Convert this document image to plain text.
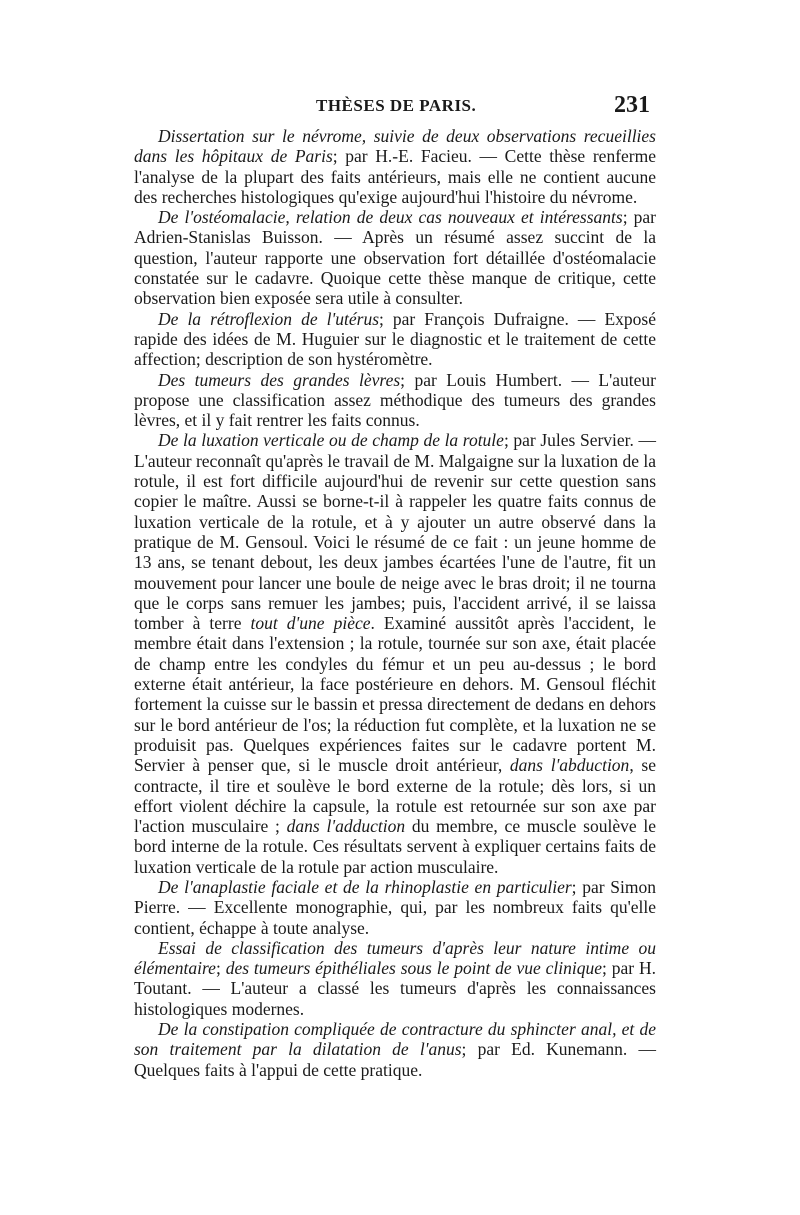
THÈSES DE PARIS.	231

Dissertation sur le névrome, suivie de deux observations recueillies dans les hôpitaux de Paris; par H.-E. Facieu. — Cette thèse renferme l'analyse de la plupart des faits antérieurs, mais elle ne contient aucune des recherches histologiques qu'exige aujourd'hui l'histoire du névrome.

De l'ostéomalacie, relation de deux cas nouveaux et intéressants; par Adrien-Stanislas Buisson. — Après un résumé assez succint de la question, l'auteur rapporte une observation fort détaillée d'ostéomalacie constatée sur le cadavre. Quoique cette thèse manque de critique, cette observation bien exposée sera utile à consulter.

De la rétroflexion de l'utérus; par François Dufraigne. — Exposé rapide des idées de M. Huguier sur le diagnostic et le traitement de cette affection; description de son hystéromètre.

Des tumeurs des grandes lèvres; par Louis Humbert. — L'auteur propose une classification assez méthodique des tumeurs des grandes lèvres, et il y fait rentrer les faits connus.

De la luxation verticale ou de champ de la rotule; par Jules Servier. — L'auteur reconnaît qu'après le travail de M. Malgaigne sur la luxation de la rotule, il est fort difficile aujourd'hui de revenir sur cette question sans copier le maître. Aussi se borne-t-il à rappeler les quatre faits connus de luxation verticale de la rotule, et à y ajouter un autre observé dans la pratique de M. Gensoul. Voici le résumé de ce fait : un jeune homme de 13 ans, se tenant debout, les deux jambes écartées l'une de l'autre, fit un mouvement pour lancer une boule de neige avec le bras droit; il ne tourna que le corps sans remuer les jambes; puis, l'accident arrivé, il se laissa tomber à terre tout d'une pièce. Examiné aussitôt après l'accident, le membre était dans l'extension ; la rotule, tournée sur son axe, était placée de champ entre les condyles du fémur et un peu au-dessus ; le bord externe était antérieur, la face postérieure en dehors. M. Gensoul fléchit fortement la cuisse sur le bassin et pressa directement de dedans en dehors sur le bord antérieur de l'os; la réduction fut complète, et la luxation ne se produisit pas. Quelques expériences faites sur le cadavre portent M. Servier à penser que, si le muscle droit antérieur, dans l'abduction, se contracte, il tire et soulève le bord externe de la rotule; dès lors, si un effort violent déchire la capsule, la rotule est retournée sur son axe par l'action musculaire ; dans l'adduction du membre, ce muscle soulève le bord interne de la rotule. Ces résultats servent à expliquer certains faits de luxation verticale de la rotule par action musculaire.

De l'anaplastie faciale et de la rhinoplastie en particulier; par Simon Pierre. — Excellente monographie, qui, par les nombreux faits qu'elle contient, échappe à toute analyse.

Essai de classification des tumeurs d'après leur nature intime ou élémentaire; des tumeurs épithéliales sous le point de vue clinique; par H. Toutant. — L'auteur a classé les tumeurs d'après les connaissances histologiques modernes.

De la constipation compliquée de contracture du sphincter anal, et de son traitement par la dilatation de l'anus; par Ed. Kunemann. — Quelques faits à l'appui de cette pratique.
